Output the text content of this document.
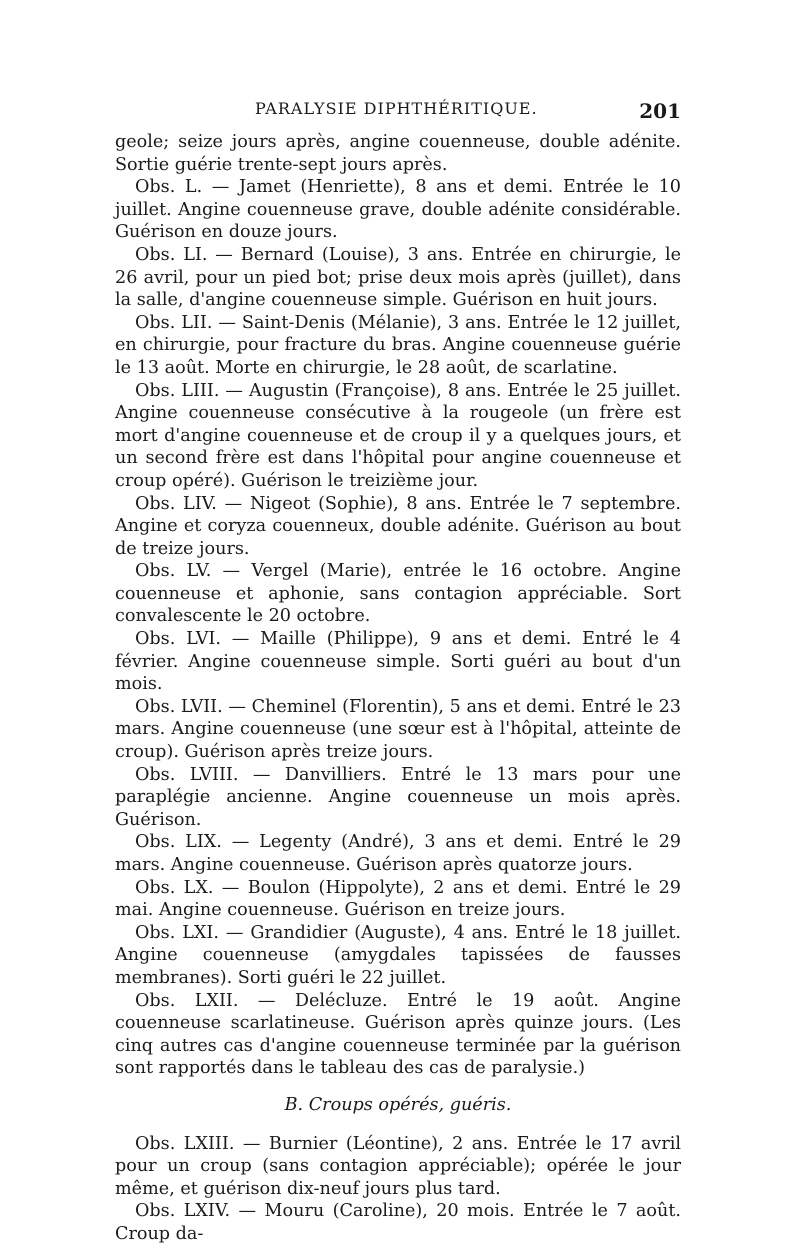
PARALYSIE DIPHTHÉRITIQUE.	201

geole; seize jours après, angine couenneuse, double adénite. Sortie guérie trente-sept jours après.

Obs. L. — Jamet (Henriette), 8 ans et demi. Entrée le 10 juillet. Angine couenneuse grave, double adénite considérable. Guérison en douze jours.

Obs. LI. — Bernard (Louise), 3 ans. Entrée en chirurgie, le 26 avril, pour un pied bot; prise deux mois après (juillet), dans la salle, d'angine couenneuse simple. Guérison en huit jours.

Obs. LII. — Saint-Denis (Mélanie), 3 ans. Entrée le 12 juillet, en chirurgie, pour fracture du bras. Angine couenneuse guérie le 13 août. Morte en chirurgie, le 28 août, de scarlatine.

Obs. LIII. — Augustin (Françoise), 8 ans. Entrée le 25 juillet. Angine couenneuse consécutive à la rougeole (un frère est mort d'angine couenneuse et de croup il y a quelques jours, et un second frère est dans l'hôpital pour angine couenneuse et croup opéré). Guérison le treizième jour.

Obs. LIV. — Nigeot (Sophie), 8 ans. Entrée le 7 septembre. Angine et coryza couenneux, double adénite. Guérison au bout de treize jours.

Obs. LV. — Vergel (Marie), entrée le 16 octobre. Angine couenneuse et aphonie, sans contagion appréciable. Sort convalescente le 20 octobre.

Obs. LVI. — Maille (Philippe), 9 ans et demi. Entré le 4 février. Angine couenneuse simple. Sorti guéri au bout d'un mois.

Obs. LVII. — Cheminel (Florentin), 5 ans et demi. Entré le 23 mars. Angine couenneuse (une sœur est à l'hôpital, atteinte de croup). Guérison après treize jours.

Obs. LVIII. — Danvilliers. Entré le 13 mars pour une paraplégie ancienne. Angine couenneuse un mois après. Guérison.

Obs. LIX. — Legenty (André), 3 ans et demi. Entré le 29 mars. Angine couenneuse. Guérison après quatorze jours.

Obs. LX. — Boulon (Hippolyte), 2 ans et demi. Entré le 29 mai. Angine couenneuse. Guérison en treize jours.

Obs. LXI. — Grandidier (Auguste), 4 ans. Entré le 18 juillet. Angine couenneuse (amygdales tapissées de fausses membranes). Sorti guéri le 22 juillet.

Obs. LXII. — Delécluze. Entré le 19 août. Angine couenneuse scarlatineuse. Guérison après quinze jours. (Les cinq autres cas d'angine couenneuse terminée par la guérison sont rapportés dans le tableau des cas de paralysie.)

B. Croups opérés, guéris.

Obs. LXIII. — Burnier (Léontine), 2 ans. Entrée le 17 avril pour un croup (sans contagion appréciable); opérée le jour même, et guérison dix-neuf jours plus tard.

Obs. LXIV. — Mouru (Caroline), 20 mois. Entrée le 7 août. Croup da-
